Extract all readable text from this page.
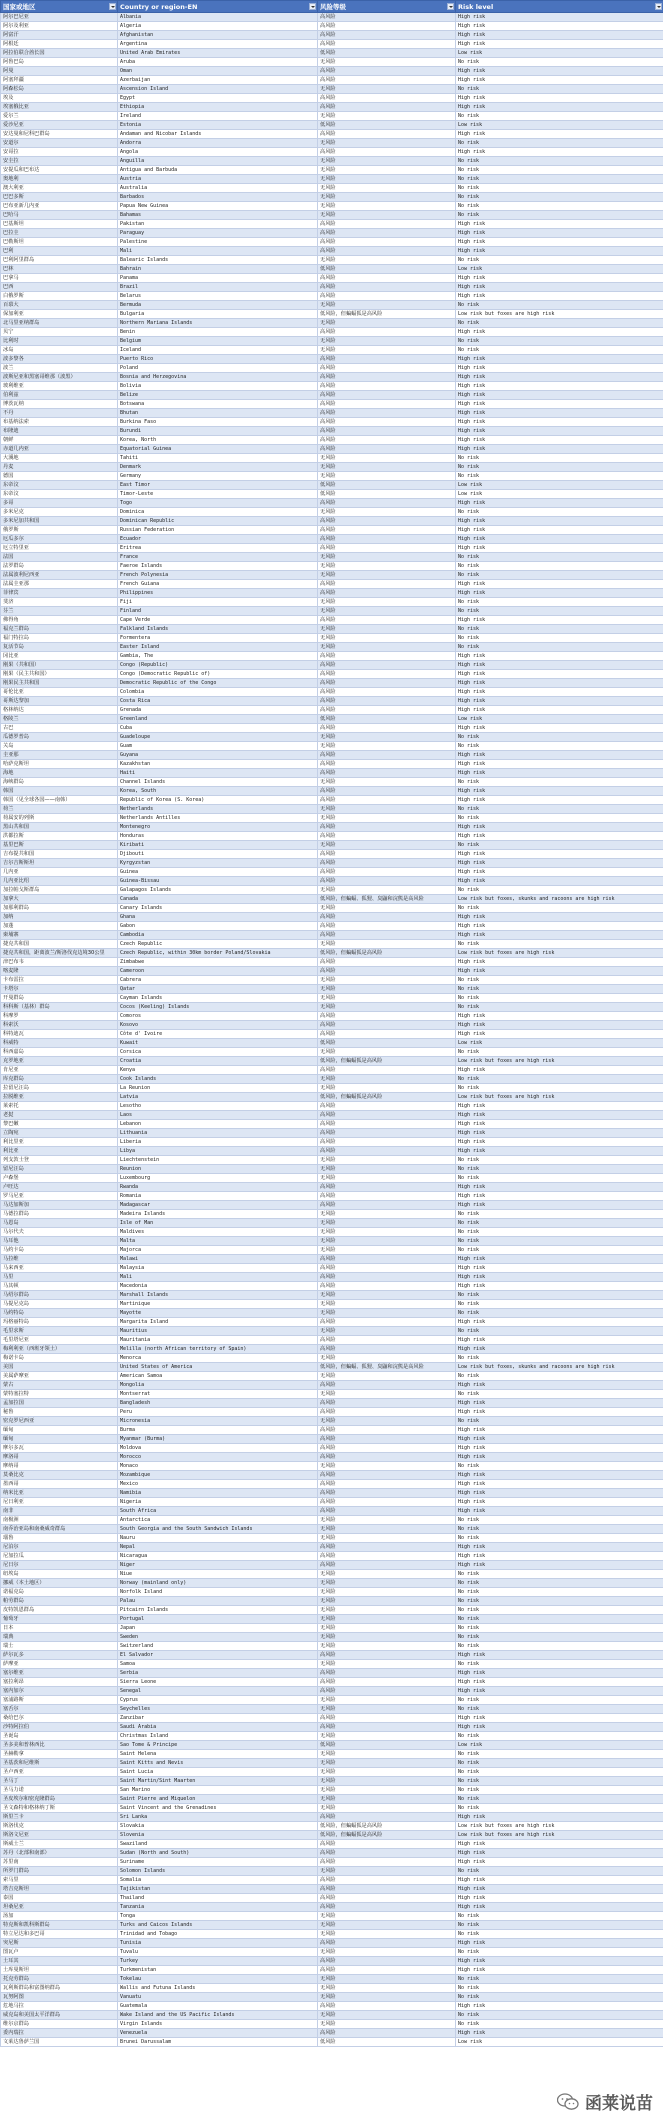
国家或地区	Country or region-EN	风险等级	Risk level

阿尔巴尼亚	Albania	高风险	High risk
阿尔及利亚	Algeria	高风险	High risk
阿富汗	Afghanistan	高风险	High risk
阿根廷	Argentina	高风险	High risk
阿拉伯联合酋长国	United Arab Emirates	低风险	Low risk
阿鲁巴岛	Aruba	无风险	No risk
阿曼	Oman	高风险	High risk
阿塞拜疆	Azerbaijan	高风险	High risk
阿森松岛	Ascension Island	无风险	No risk
埃及	Egypt	高风险	High risk
埃塞俄比亚	Ethiopia	高风险	High risk
爱尔兰	Ireland	无风险	No risk
爱沙尼亚	Estonia	低风险	Low risk
安达曼和尼科巴群岛	Andaman and Nicobar Islands	高风险	High risk
安道尔	Andorra	无风险	No risk
安哥拉	Angola	高风险	High risk
安圭拉	Anguilla	无风险	No risk
安提瓜和巴布达	Antigua and Barbuda	无风险	No risk
奥地利	Austria	无风险	No risk
澳大利亚	Australia	无风险	No risk
巴巴多斯	Barbados	无风险	No risk
巴布亚新几内亚	Papua New Guinea	无风险	No risk
巴哈马	Bahamas	无风险	No risk
巴基斯坦	Pakistan	高风险	High risk
巴拉圭	Paraguay	高风险	High risk
巴勒斯坦	Palestine	高风险	High risk
巴利	Mali	高风险	High risk
巴利阿里群岛	Balearic Islands	无风险	No risk
巴林	Bahrain	低风险	Low risk
巴拿马	Panama	高风险	High risk
巴西	Brazil	高风险	High risk
白俄罗斯	Belarus	高风险	High risk
百慕大	Bermuda	无风险	No risk
保加利亚	Bulgaria	低风险，但蝙蝠狐是高风险	Low risk but foxes are high risk
北马里亚纳群岛	Northern Mariana Islands	无风险	No risk
贝宁	Benin	高风险	High risk
比利时	Belgium	无风险	No risk
冰岛	Iceland	无风险	No risk
波多黎各	Puerto Rico	高风险	High risk
波兰	Poland	高风险	High risk
波斯尼亚和黑塞哥维那（波黑）	Bosnia and Herzegovina	高风险	High risk
玻利维亚	Bolivia	高风险	High risk
伯利兹	Belize	高风险	High risk
博茨瓦纳	Botswana	高风险	High risk
不丹	Bhutan	高风险	High risk
布基纳法索	Burkina Faso	高风险	High risk
布隆迪	Burundi	高风险	High risk
朝鲜	Korea, North	高风险	High risk
赤道几内亚	Equatorial Guinea	高风险	High risk
大溪地	Tahiti	无风险	No risk
丹麦	Denmark	无风险	No risk
德国	Germany	无风险	No risk
东帝汶	East Timor	低风险	Low risk
东帝汶	Timor-Leste	低风险	Low risk
多哥	Togo	高风险	High risk
多米尼克	Dominica	无风险	No risk
多米尼加共和国	Dominican Republic	高风险	High risk
俄罗斯	Russian Federation	高风险	High risk
厄瓜多尔	Ecuador	高风险	High risk
厄立特里亚	Eritrea	高风险	High risk
法国	France	无风险	No risk
法罗群岛	Faeroe Islands	无风险	No risk
法属波利尼西亚	French Polynesia	无风险	No risk
法属圭亚那	French Guiana	高风险	High risk
菲律宾	Philippines	高风险	High risk
斐济	Fiji	无风险	No risk
芬兰	Finland	无风险	No risk
佛得角	Cape Verde	高风险	High risk
福克兰群岛	Falkland Islands	无风险	No risk
福门特拉岛	Formentera	无风险	No risk
复活节岛	Easter Island	无风险	No risk
冈比亚	Gambia, The	高风险	High risk
刚果（共和国）	Congo (Republic)	高风险	High risk
刚果（民主共和国）	Congo (Democratic Republic of)	高风险	High risk
刚果民主共和国	Democratic Republic of the Congo	高风险	High risk
哥伦比亚	Colombia	高风险	High risk
哥斯达黎加	Costa Rica	高风险	High risk
格林纳达	Grenada	高风险	High risk
格陵兰	Greenland	低风险	Low risk
古巴	Cuba	高风险	High risk
瓜德罗普岛	Guadeloupe	无风险	No risk
关岛	Guam	无风险	No risk
圭亚那	Guyana	高风险	High risk
哈萨克斯坦	Kazakhstan	高风险	High risk
海地	Haiti	高风险	High risk
海峡群岛	Channel Islands	无风险	No risk
韩国	Korea, South	高风险	High risk
韩国（见全球各国——南韩）	Republic of Korea (S. Korea)	高风险	High risk
荷兰	Netherlands	无风险	No risk
荷属安的列斯	Netherlands Antilles	无风险	No risk
黑山共和国	Montenegro	高风险	High risk
洪都拉斯	Honduras	高风险	High risk
基里巴斯	Kiribati	无风险	No risk
吉布提共和国	Djibouti	高风险	High risk
吉尔吉斯斯坦	Kyrgyzstan	高风险	High risk
几内亚	Guinea	高风险	High risk
几内亚比绍	Guinea-Bissau	高风险	High risk
加拉帕戈斯群岛	Galapagos Islands	无风险	No risk
加拿大	Canada	低风险，但蝙蝠、狐狸、臭鼬和浣熊是高风险	Low risk but foxes, skunks and racoons are high risk
加那利群岛	Canary Islands	无风险	No risk
加纳	Ghana	高风险	High risk
加蓬	Gabon	高风险	High risk
柬埔寨	Cambodia	高风险	High risk
捷克共和国	Czech Republic	无风险	No risk
捷克共和国，距离波兰/斯洛伐克边境30公里	Czech Republic, within 30km border Poland/Slovakia	低风险，但蝙蝠狐是高风险	Low risk but foxes are high risk
津巴布韦	Zimbabwe	高风险	High risk
喀麦隆	Cameroon	高风险	High risk
卡布雷拉	Cabrera	无风险	No risk
卡塔尔	Qatar	无风险	No risk
开曼群岛	Cayman Islands	无风险	No risk
科科斯（基林）群岛	Cocos (Keeling) Islands	无风险	No risk
科摩罗	Comoros	高风险	High risk
科索沃	Kosovo	高风险	High risk
科特迪瓦	Côte d' Ivoire	高风险	High risk
科威特	Kuwait	低风险	Low risk
科西嘉岛	Corsica	无风险	No risk
克罗地亚	Croatia	低风险，但蝙蝠狐是高风险	Low risk but foxes are high risk
肯尼亚	Kenya	高风险	High risk
库克群岛	Cook Islands	无风险	No risk
拉留尼汪岛	La Reunion	无风险	No risk
拉脱维亚	Latvia	低风险，但蝙蝠狐是高风险	Low risk but foxes are high risk
莱索托	Lesotho	高风险	High risk
老挝	Laos	高风险	High risk
黎巴嫩	Lebanon	高风险	High risk
立陶宛	Lithuania	高风险	High risk
利比里亚	Liberia	高风险	High risk
利比亚	Libya	高风险	High risk
列支敦士登	Liechtenstein	无风险	No risk
留尼汪岛	Reunion	无风险	No risk
卢森堡	Luxembourg	无风险	No risk
卢旺达	Rwanda	高风险	High risk
罗马尼亚	Romania	高风险	High risk
马达加斯加	Madagascar	高风险	High risk
马德拉群岛	Madeira Islands	无风险	No risk
马恩岛	Isle of Man	无风险	No risk
马尔代夫	Maldives	无风险	No risk
马耳他	Malta	无风险	No risk
马约卡岛	Majorca	无风险	No risk
马拉维	Malawi	高风险	High risk
马来西亚	Malaysia	高风险	High risk
马里	Mali	高风险	High risk
马其顿	Macedonia	高风险	High risk
马绍尔群岛	Marshall Islands	无风险	No risk
马提尼克岛	Martinique	无风险	No risk
马约特岛	Mayotte	无风险	No risk
玛格丽特岛	Margarita Island	高风险	High risk
毛里求斯	Mauritius	无风险	No risk
毛里塔尼亚	Mauritania	高风险	High risk
梅利利亚（西班牙领土）	Melilla (north African territory of Spain)	高风险	High risk
梅诺卡岛	Menorca	无风险	No risk
美国	United States of America	低风险，但蝙蝠、狐狸、臭鼬和浣熊是高风险	Low risk but foxes, skunks and racoons are high risk
美属萨摩亚	American Samoa	无风险	No risk
蒙古	Mongolia	高风险	High risk
蒙特塞拉特	Montserrat	无风险	No risk
孟加拉国	Bangladesh	高风险	High risk
秘鲁	Peru	高风险	High risk
密克罗尼西亚	Micronesia	无风险	No risk
缅甸	Burma	高风险	High risk
缅甸	Myanmar (Burma)	高风险	High risk
摩尔多瓦	Moldova	高风险	High risk
摩洛哥	Morocco	高风险	High risk
摩纳哥	Monaco	无风险	No risk
莫桑比克	Mozambique	高风险	High risk
墨西哥	Mexico	高风险	High risk
纳米比亚	Namibia	高风险	High risk
尼日利亚	Nigeria	高风险	High risk
南非	South Africa	高风险	High risk
南极洲	Antarctica	无风险	No risk
南乔治亚岛和南桑威奇群岛	South Georgia and the South Sandwich Islands	无风险	No risk
瑙鲁	Nauru	无风险	No risk
尼泊尔	Nepal	高风险	High risk
尼加拉瓜	Nicaragua	高风险	High risk
尼日尔	Niger	高风险	High risk
纽埃岛	Niue	无风险	No risk
挪威（本土地区）	Norway (mainland only)	无风险	No risk
诺福克岛	Norfolk Island	无风险	No risk
帕劳群岛	Palau	无风险	No risk
皮特凯恩群岛	Pitcairn Islands	无风险	No risk
葡萄牙	Portugal	无风险	No risk
日本	Japan	无风险	No risk
瑞典	Sweden	无风险	No risk
瑞士	Switzerland	无风险	No risk
萨尔瓦多	El Salvador	高风险	High risk
萨摩亚	Samoa	无风险	No risk
塞尔维亚	Serbia	高风险	High risk
塞拉利昂	Sierra Leone	高风险	High risk
塞内加尔	Senegal	高风险	High risk
塞浦路斯	Cyprus	无风险	No risk
塞舌尔	Seychelles	无风险	No risk
桑给巴尔	Zanzibar	高风险	High risk
沙特阿拉伯	Saudi Arabia	高风险	High risk
圣诞岛	Christmas Island	无风险	No risk
圣多美和普林西比	Sao Tome & Principe	低风险	Low risk
圣赫勒拿	Saint Helena	无风险	No risk
圣基茨和尼维斯	Saint Kitts and Nevis	无风险	No risk
圣卢西亚	Saint Lucia	无风险	No risk
圣马丁	Saint Martin/Sint Maarten	无风险	No risk
圣马力诺	San Marino	无风险	No risk
圣皮埃尔和密克隆群岛	Saint Pierre and Miquelon	无风险	No risk
圣文森特和格林纳丁斯	Saint Vincent and the Grenadines	无风险	No risk
斯里兰卡	Sri Lanka	高风险	High risk
斯洛伐克	Slovakia	低风险，但蝙蝠狐是高风险	Low risk but foxes are high risk
斯洛文尼亚	Slovenia	低风险，但蝙蝠狐是高风险	Low risk but foxes are high risk
斯威士兰	Swaziland	高风险	High risk
苏丹（北部和南部）	Sudan (North and South)	高风险	High risk
苏里南	Suriname	高风险	High risk
所罗门群岛	Solomon Islands	无风险	No risk
索马里	Somalia	高风险	High risk
塔吉克斯坦	Tajikistan	高风险	High risk
泰国	Thailand	高风险	High risk
坦桑尼亚	Tanzania	高风险	High risk
汤加	Tonga	无风险	No risk
特克斯和凯科斯群岛	Turks and Caicos Islands	无风险	No risk
特立尼达和多巴哥	Trinidad and Tobago	无风险	No risk
突尼斯	Tunisia	高风险	High risk
图瓦卢	Tuvalu	无风险	No risk
土耳其	Turkey	高风险	High risk
土库曼斯坦	Turkmenistan	高风险	High risk
托克劳群岛	Tokelau	无风险	No risk
瓦利斯群岛和富图纳群岛	Wallis and Futuna Islands	无风险	No risk
瓦努阿图	Vanuatu	无风险	No risk
危地马拉	Guatemala	高风险	High risk
威克岛和美国太平洋群岛	Wake Island and the US Pacific Islands	无风险	No risk
维尔京群岛	Virgin Islands	无风险	No risk
委内瑞拉	Venezuela	高风险	High risk
文莱达鲁萨兰国	Brunei Darussalam	低风险	Low risk
函莱说苗
